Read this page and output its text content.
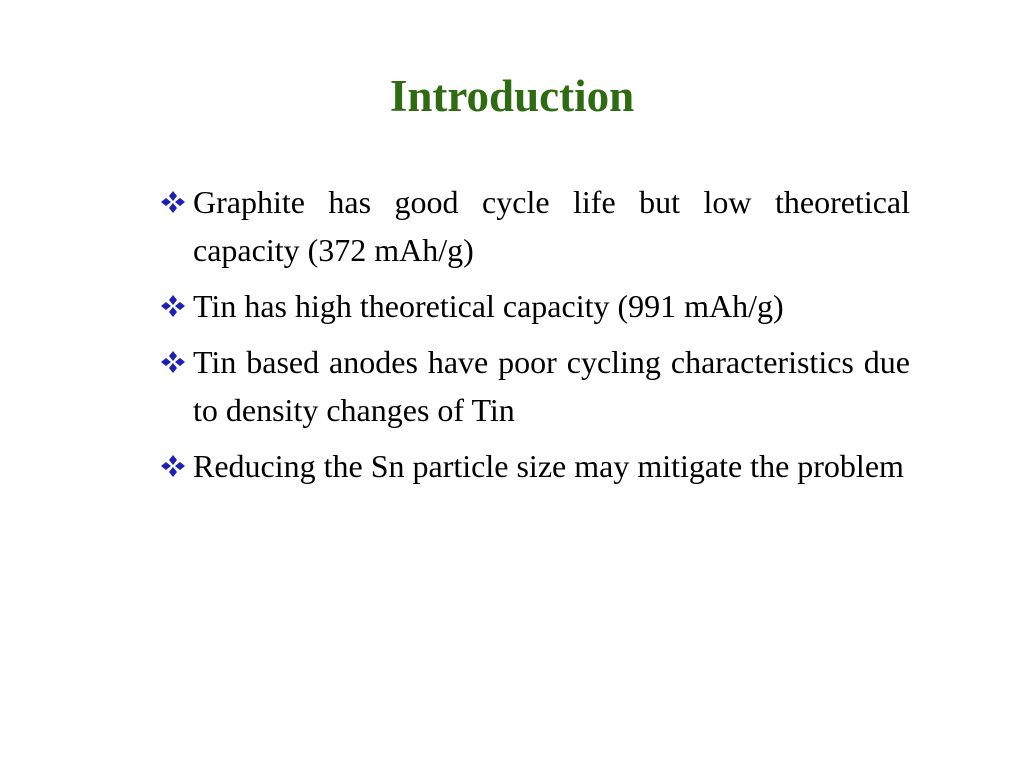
Introduction
Graphite has good cycle life but low theoretical capacity (372 mAh/g)
Tin has high theoretical capacity (991 mAh/g)
Tin based anodes have poor cycling characteristics due to density changes of Tin
Reducing the Sn particle size may mitigate the problem
